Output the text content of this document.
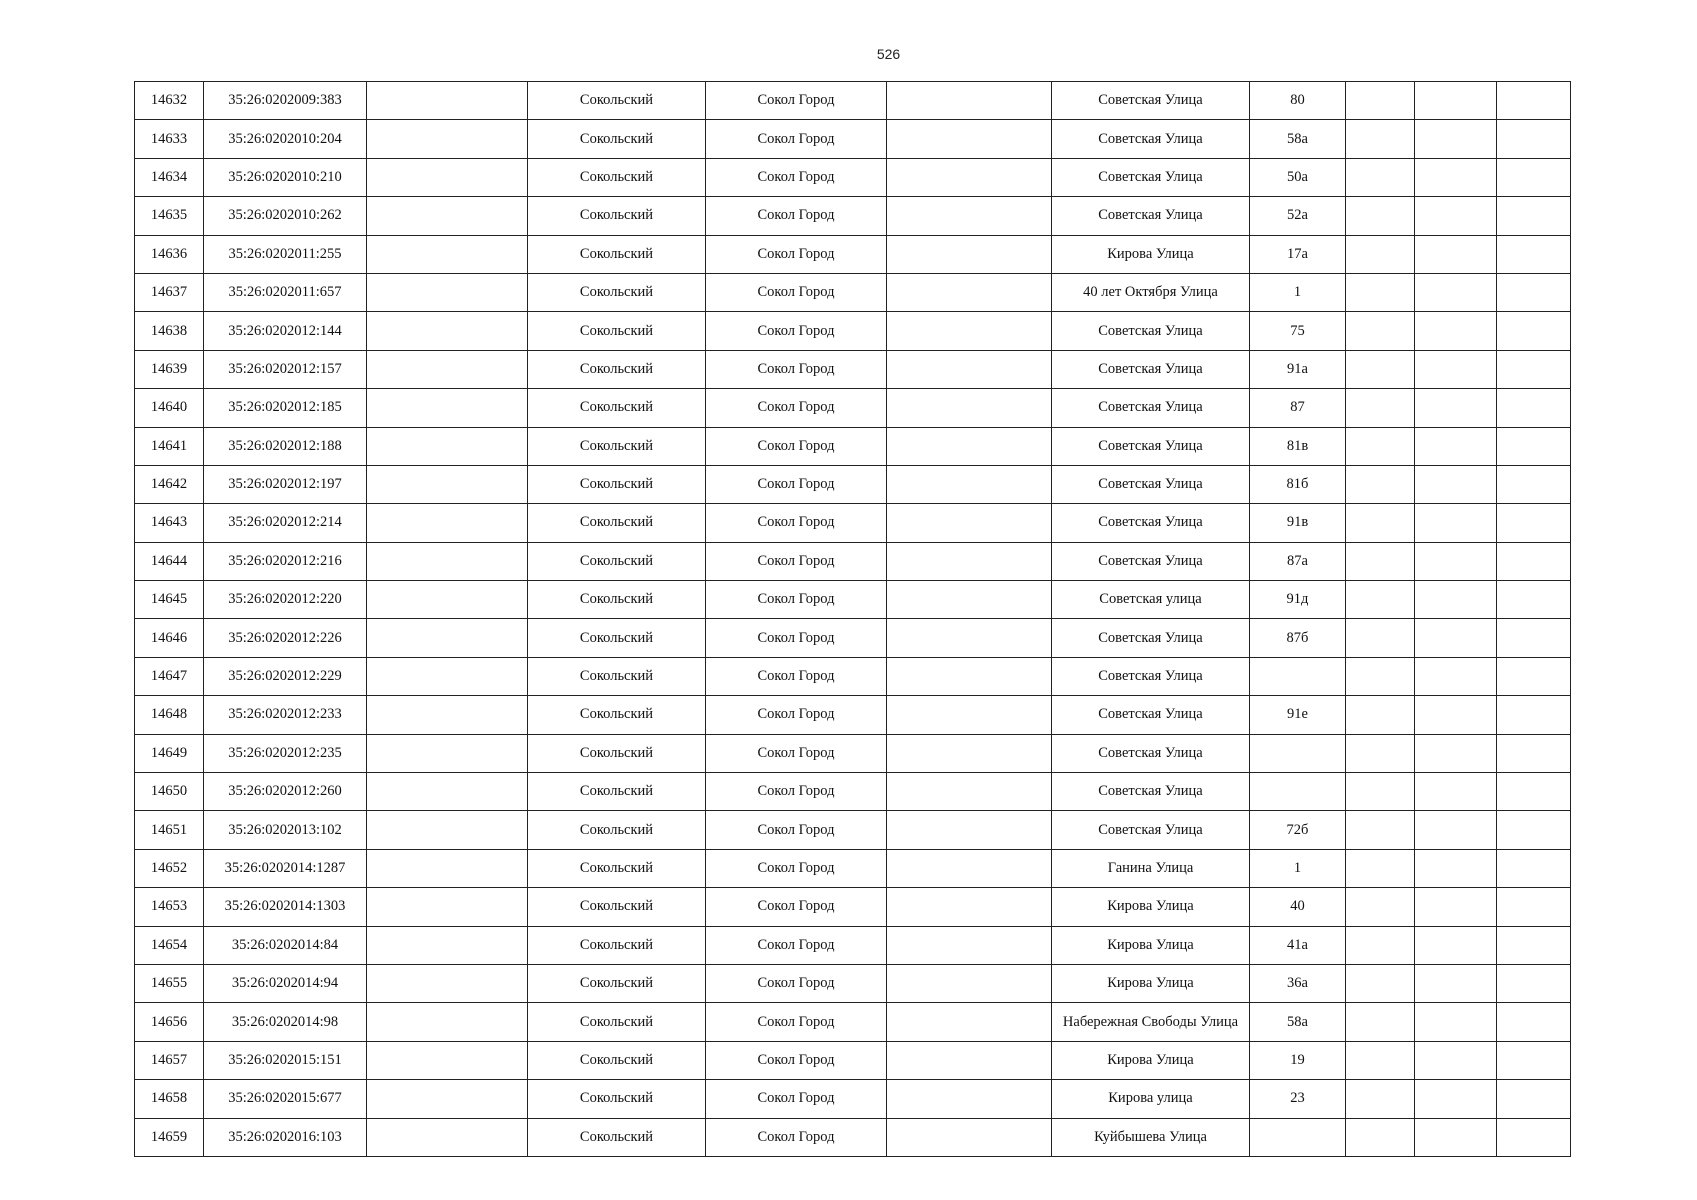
526
14632	35:26:0202009:383		Сокольский	Сокол Город		Советская Улица	80			
14633	35:26:0202010:204		Сокольский	Сокол Город		Советская Улица	58а			
14634	35:26:0202010:210		Сокольский	Сокол Город		Советская Улица	50а			
14635	35:26:0202010:262		Сокольский	Сокол Город		Советская Улица	52а			
14636	35:26:0202011:255		Сокольский	Сокол Город		Кирова Улица	17а			
14637	35:26:0202011:657		Сокольский	Сокол Город		40 лет Октября Улица	1			
14638	35:26:0202012:144		Сокольский	Сокол Город		Советская Улица	75			
14639	35:26:0202012:157		Сокольский	Сокол Город		Советская Улица	91а			
14640	35:26:0202012:185		Сокольский	Сокол Город		Советская Улица	87			
14641	35:26:0202012:188		Сокольский	Сокол Город		Советская Улица	81в			
14642	35:26:0202012:197		Сокольский	Сокол Город		Советская Улица	81б			
14643	35:26:0202012:214		Сокольский	Сокол Город		Советская Улица	91в			
14644	35:26:0202012:216		Сокольский	Сокол Город		Советская Улица	87а			
14645	35:26:0202012:220		Сокольский	Сокол Город		Советская улица	91д			
14646	35:26:0202012:226		Сокольский	Сокол Город		Советская Улица	87б			
14647	35:26:0202012:229		Сокольский	Сокол Город		Советская Улица				
14648	35:26:0202012:233		Сокольский	Сокол Город		Советская Улица	91е			
14649	35:26:0202012:235		Сокольский	Сокол Город		Советская Улица				
14650	35:26:0202012:260		Сокольский	Сокол Город		Советская Улица				
14651	35:26:0202013:102		Сокольский	Сокол Город		Советская Улица	72б			
14652	35:26:0202014:1287		Сокольский	Сокол Город		Ганина Улица	1			
14653	35:26:0202014:1303		Сокольский	Сокол Город		Кирова Улица	40			
14654	35:26:0202014:84		Сокольский	Сокол Город		Кирова Улица	41а			
14655	35:26:0202014:94		Сокольский	Сокол Город		Кирова Улица	36а			
14656	35:26:0202014:98		Сокольский	Сокол Город		Набережная Свободы Улица	58а			
14657	35:26:0202015:151		Сокольский	Сокол Город		Кирова Улица	19			
14658	35:26:0202015:677		Сокольский	Сокол Город		Кирова улица	23			
14659	35:26:0202016:103		Сокольский	Сокол Город		Куйбышева Улица				
